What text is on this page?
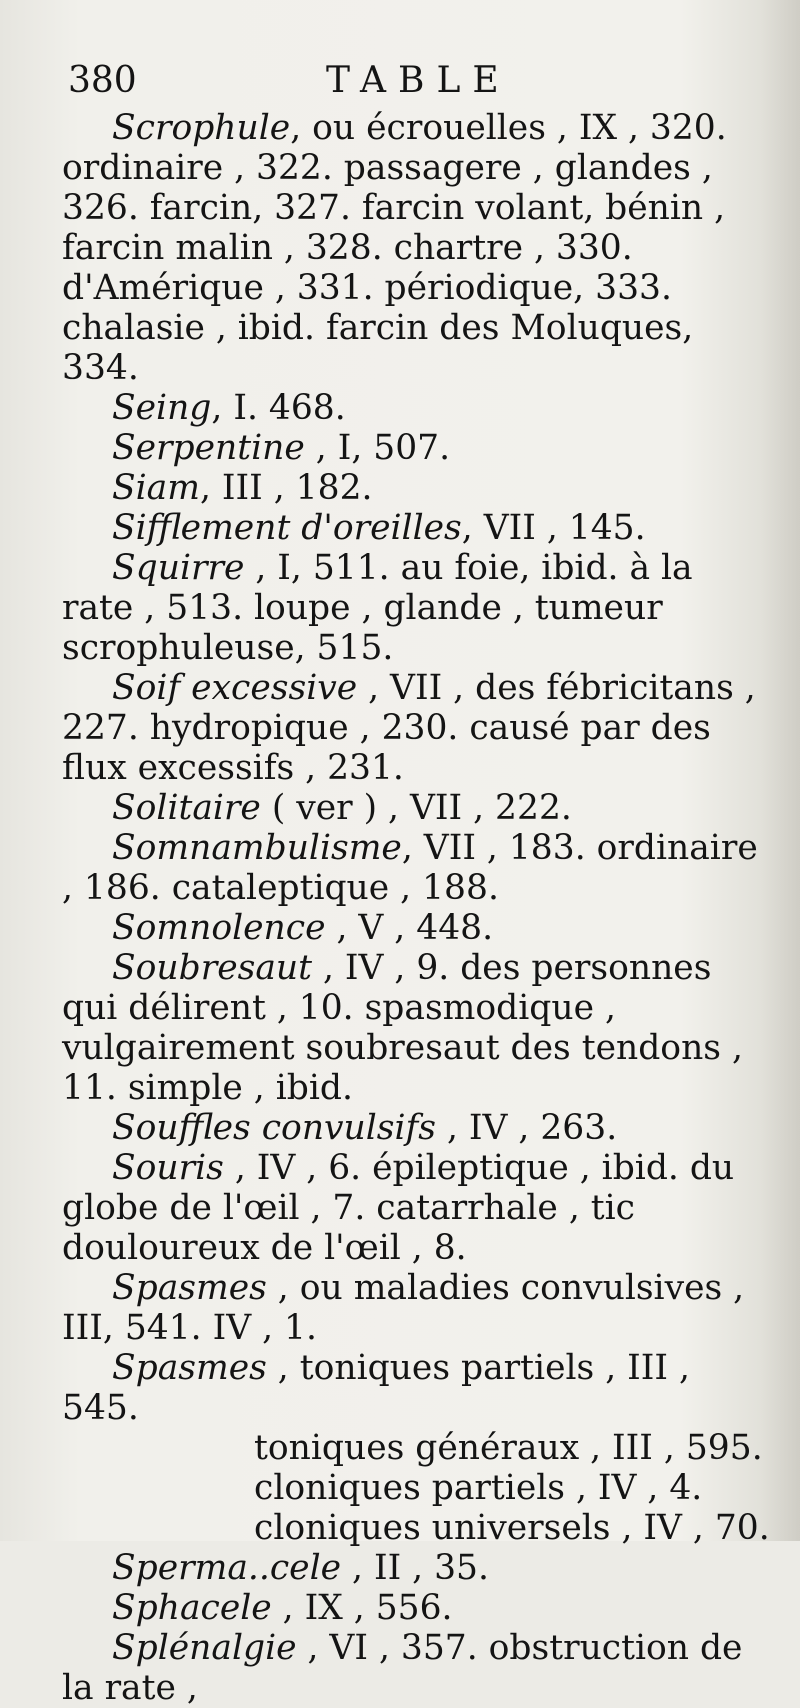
380	TABLE

Scrophule, ou écrouelles , IX , 320. ordinaire , 322. passagere , glandes , 326. farcin, 327. farcin volant, bénin , farcin malin , 328. chartre , 330. d'Amérique , 331. périodique, 333. chalasie , ibid. farcin des Moluques, 334.

Seing, I. 468.

Serpentine , I, 507.

Siam, III , 182.

Sifflement d'oreilles, VII , 145.

Squirre , I, 511. au foie, ibid. à la rate , 513. loupe , glande , tumeur scrophuleuse, 515.

Soif excessive , VII , des fébricitans , 227. hydropique , 230. causé par des flux excessifs , 231.

Solitaire ( ver ) , VII , 222.

Somnambulisme, VII , 183. ordinaire , 186. cataleptique , 188.

Somnolence , V , 448.

Soubresaut , IV , 9. des personnes qui délirent , 10. spasmodique , vulgairement soubresaut des tendons , 11. simple , ibid.

Souffles convulsifs , IV , 263.

Souris , IV , 6. épileptique , ibid. du globe de l'œil , 7. catarrhale , tic douloureux de l'œil , 8.

Spasmes , ou maladies convulsives , III, 541. IV , 1.

Spasmes , toniques partiels , III , 545.
toniques généraux , III , 595.
cloniques partiels , IV , 4.
cloniques universels , IV , 70.

Sperma..cele , II , 35.

Sphacele , IX , 556.

Splénalgie , VI , 357. obstruction de la rate ,
